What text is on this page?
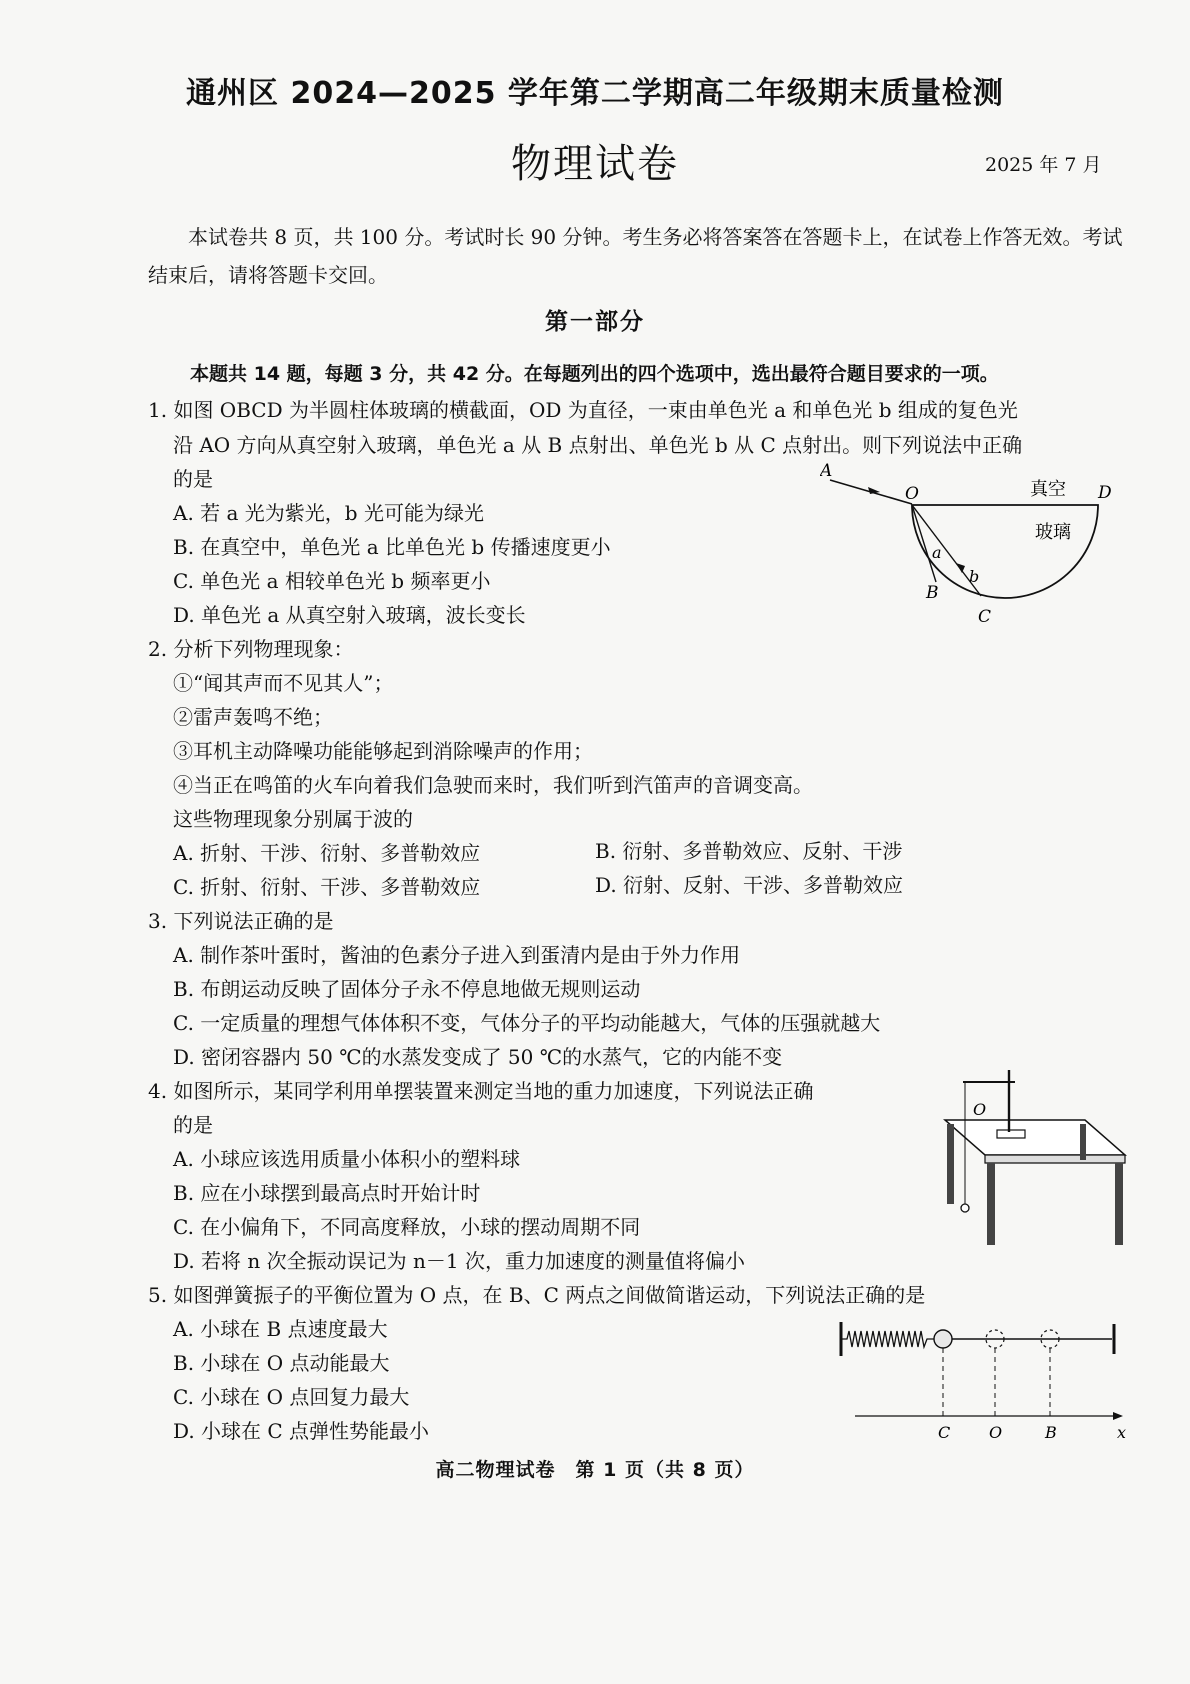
通州区 2024—2025 学年第二学期高二年级期末质量检测
物理试卷	2025 年 7 月
本试卷共 8 页，共 100 分。考试时长 90 分钟。考生务必将答案答在答题卡上，在试卷上作答无效。考试结束后，请将答题卡交回。
第一部分
本题共 14 题，每题 3 分，共 42 分。在每题列出的四个选项中，选出最符合题目要求的一项。
1. 如图 OBCD 为半圆柱体玻璃的横截面，OD 为直径，一束由单色光 a 和单色光 b 组成的复色光
沿 AO 方向从真空射入玻璃，单色光 a 从 B 点射出、单色光 b 从 C 点射出。则下列说法中正确
的是
A. 若 a 光为紫光，b 光可能为绿光
B. 在真空中，单色光 a 比单色光 b 传播速度更小
C. 单色光 a 相较单色光 b 频率更小
D. 单色光 a 从真空射入玻璃，波长变长
A
O	真空 D
玻璃
a
b
B
C
2. 分析下列物理现象：
①“闻其声而不见其人”；
②雷声轰鸣不绝；
③耳机主动降噪功能能够起到消除噪声的作用；
④当正在鸣笛的火车向着我们急驶而来时，我们听到汽笛声的音调变高。
这些物理现象分别属于波的
A. 折射、干涉、衍射、多普勒效应	B. 衍射、多普勒效应、反射、干涉
C. 折射、衍射、干涉、多普勒效应	D. 衍射、反射、干涉、多普勒效应
3. 下列说法正确的是
A. 制作茶叶蛋时，酱油的色素分子进入到蛋清内是由于外力作用
B. 布朗运动反映了固体分子永不停息地做无规则运动
C. 一定质量的理想气体体积不变，气体分子的平均动能越大，气体的压强就越大
D. 密闭容器内 50 ℃的水蒸发变成了 50 ℃的水蒸气，它的内能不变
4. 如图所示，某同学利用单摆装置来测定当地的重力加速度，下列说法正确
的是
A. 小球应该选用质量小体积小的塑料球
B. 应在小球摆到最高点时开始计时
C. 在小偏角下，不同高度释放，小球的摆动周期不同
D. 若将 n 次全振动误记为 n－1 次，重力加速度的测量值将偏小
O
5. 如图弹簧振子的平衡位置为 O 点，在 B、C 两点之间做简谐运动，下列说法正确的是
A. 小球在 B 点速度最大
B. 小球在 O 点动能最大
C. 小球在 O 点回复力最大
D. 小球在 C 点弹性势能最小	C O	B	x
高二物理试卷　第 1 页（共 8 页）
